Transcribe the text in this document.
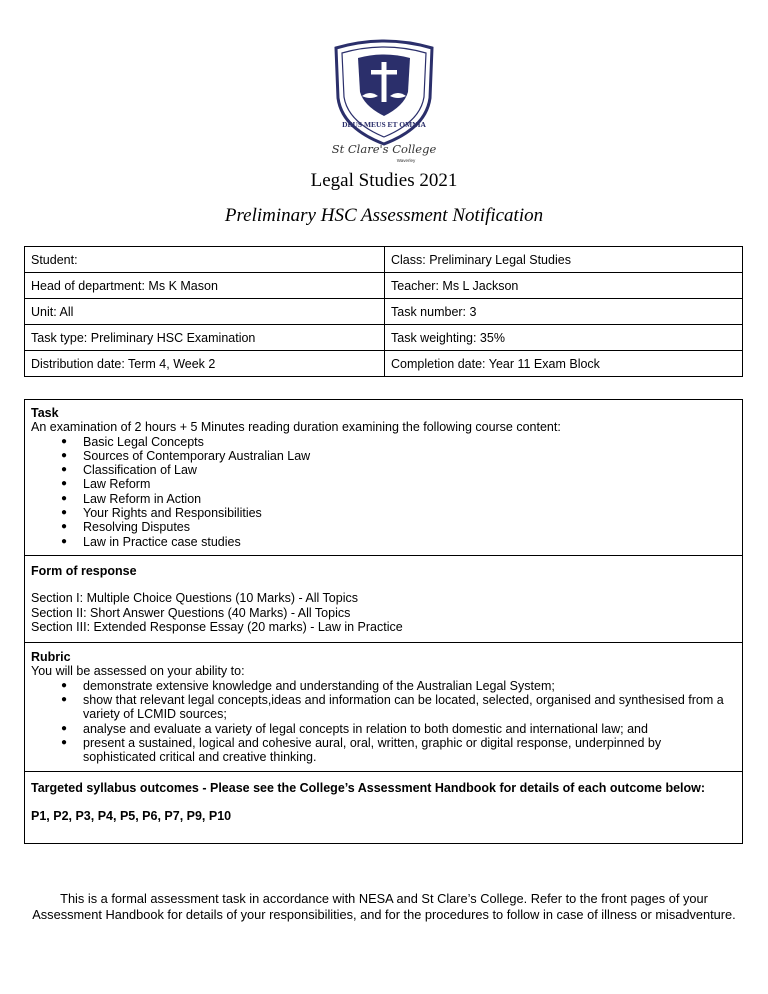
DEUS MEUS ET OMNIA
St Clare's College
Waverley
Legal Studies 2021
Preliminary HSC Assessment Notification
Student:	Class: Preliminary Legal Studies
Head of department: Ms K Mason	Teacher: Ms L Jackson
Unit: All	Task number: 3
Task type: Preliminary HSC Examination	Task weighting: 35%
Distribution date: Term 4, Week 2	Completion date: Year 11 Exam Block
Task

An examination of 2 hours + 5 Minutes reading duration examining the following course content:

● Basic Legal Concepts
● Sources of Contemporary Australian Law
● Classification of Law
● Law Reform
● Law Reform in Action
● Your Rights and Responsibilities
● Resolving Disputes
● Law in Practice case studies
Form of response

Section I: Multiple Choice Questions (10 Marks) - All Topics

Section II: Short Answer Questions (40 Marks) - All Topics

Section III: Extended Response Essay (20 marks) - Law in Practice

Rubric

You will be assessed on your ability to:

● demonstrate extensive knowledge and understanding of the Australian Legal System;
● show that relevant legal concepts,ideas and information can be located, selected, organised and synthesised from a variety of LCMID sources;
● analyse and evaluate a variety of legal concepts in relation to both domestic and international law; and
● present a sustained, logical and cohesive aural, oral, written, graphic or digital response, underpinned by sophisticated critical and creative thinking.
Targeted syllabus outcomes - Please see the College’s Assessment Handbook for details of each outcome below:
P1, P2, P3, P4, P5, P6, P7, P9, P10
This is a formal assessment task in accordance with NESA and St Clare’s College. Refer to the front pages of your
Assessment Handbook for details of your responsibilities, and for the procedures to follow in case of illness or misadventure.
